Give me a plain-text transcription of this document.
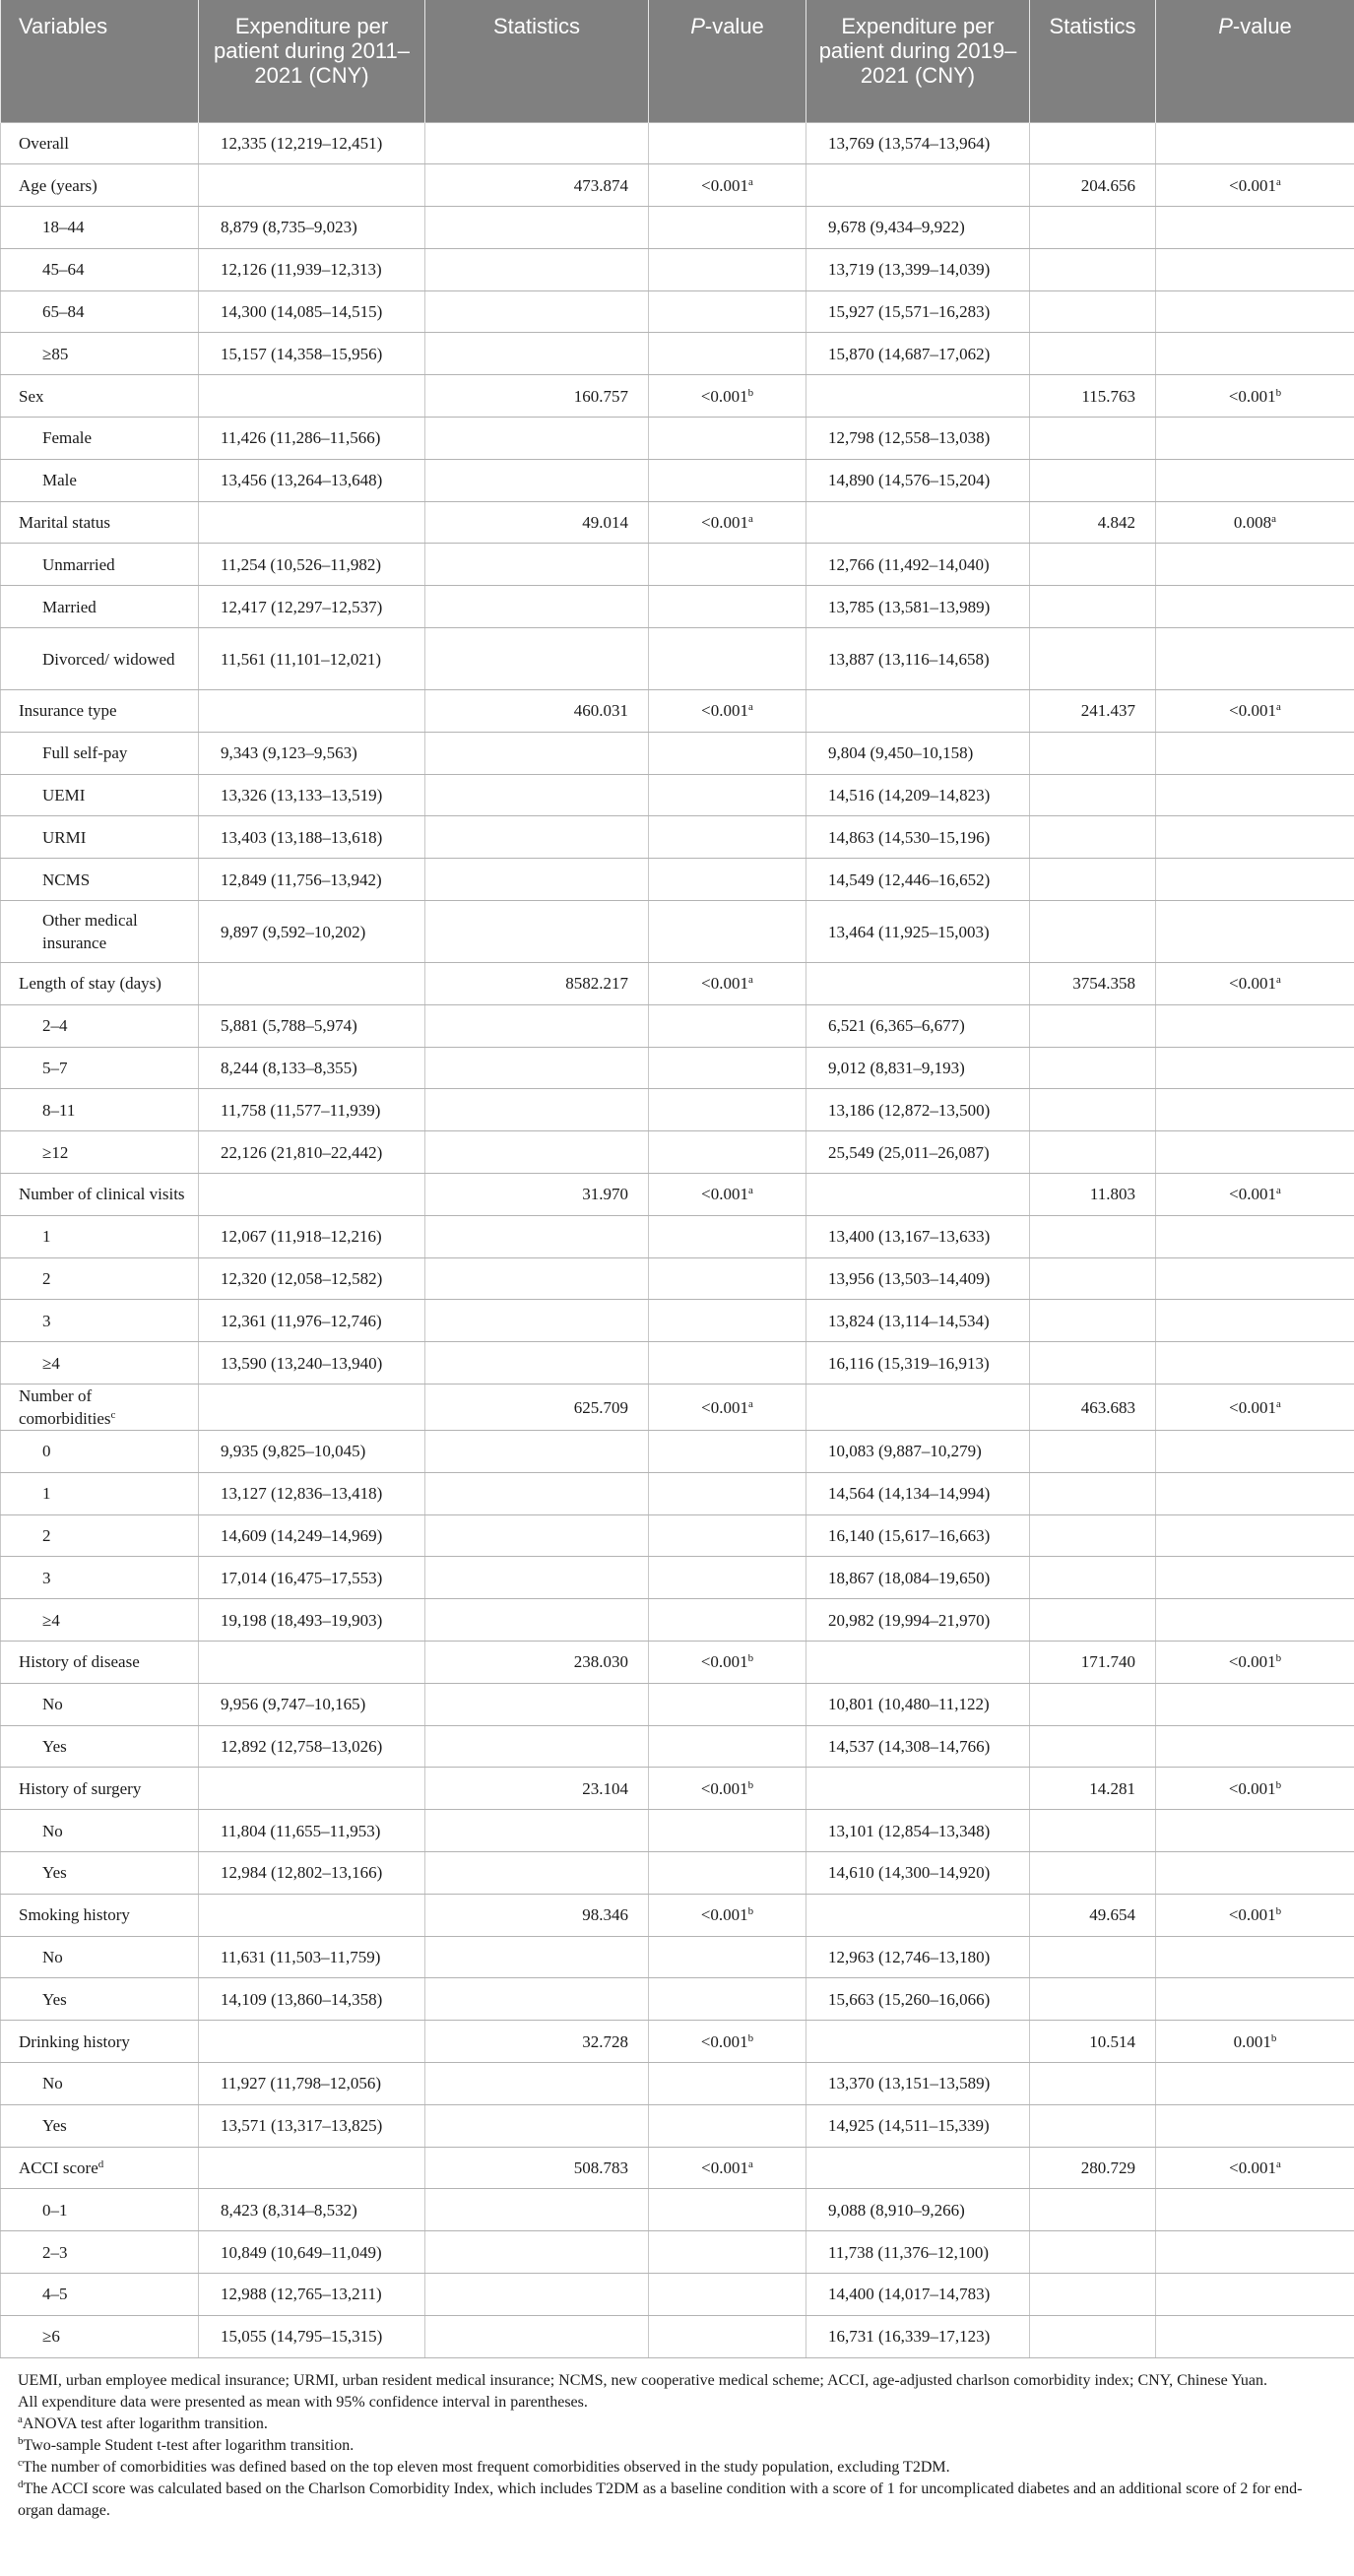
Variables	Expenditure per patient during 2011–2021 (CNY)	Statistics	P-value	Expenditure per patient during 2019–2021 (CNY)	Statistics	P-value
Overall	12,335 (12,219–12,451)			13,769 (13,574–13,964)		
Age (years)		473.874	<0.001$^a$		204.656	<0.001$^a$
18–44	8,879 (8,735–9,023)			9,678 (9,434–9,922)		
45–64	12,126 (11,939–12,313)			13,719 (13,399–14,039)		
65–84	14,300 (14,085–14,515)			15,927 (15,571–16,283)		
≥85	15,157 (14,358–15,956)			15,870 (14,687–17,062)		
Sex		160.757	<0.001$^b$		115.763	<0.001$^b$
Female	11,426 (11,286–11,566)			12,798 (12,558–13,038)		
Male	13,456 (13,264–13,648)			14,890 (14,576–15,204)		
Marital status		49.014	<0.001$^a$		4.842	0.008$^a$
Unmarried	11,254 (10,526–11,982)			12,766 (11,492–14,040)		
Married	12,417 (12,297–12,537)			13,785 (13,581–13,989)		
Divorced/ widowed	11,561 (11,101–12,021)			13,887 (13,116–14,658)		
Insurance type		460.031	<0.001$^a$		241.437	<0.001$^a$
Full self-pay	9,343 (9,123–9,563)			9,804 (9,450–10,158)		
UEMI	13,326 (13,133–13,519)			14,516 (14,209–14,823)		
URMI	13,403 (13,188–13,618)			14,863 (14,530–15,196)		
NCMS	12,849 (11,756–13,942)			14,549 (12,446–16,652)		
Other medical insurance	9,897 (9,592–10,202)			13,464 (11,925–15,003)		
Length of stay (days)		8582.217	<0.001$^a$		3754.358	<0.001$^a$
2–4	5,881 (5,788–5,974)			6,521 (6,365–6,677)		
5–7	8,244 (8,133–8,355)			9,012 (8,831–9,193)		
8–11	11,758 (11,577–11,939)			13,186 (12,872–13,500)		
≥12	22,126 (21,810–22,442)			25,549 (25,011–26,087)		
Number of clinical visits		31.970	<0.001$^a$		11.803	<0.001$^a$
1	12,067 (11,918–12,216)			13,400 (13,167–13,633)		
2	12,320 (12,058–12,582)			13,956 (13,503–14,409)		
3	12,361 (11,976–12,746)			13,824 (13,114–14,534)		
≥4	13,590 (13,240–13,940)			16,116 (15,319–16,913)		
Number of comorbidities$^c$		625.709	<0.001$^a$		463.683	<0.001$^a$
0	9,935 (9,825–10,045)			10,083 (9,887–10,279)		
1	13,127 (12,836–13,418)			14,564 (14,134–14,994)		
2	14,609 (14,249–14,969)			16,140 (15,617–16,663)		
3	17,014 (16,475–17,553)			18,867 (18,084–19,650)		
≥4	19,198 (18,493–19,903)			20,982 (19,994–21,970)		
History of disease		238.030	<0.001$^b$		171.740	<0.001$^b$
No	9,956 (9,747–10,165)			10,801 (10,480–11,122)		
Yes	12,892 (12,758–13,026)			14,537 (14,308–14,766)		
History of surgery		23.104	<0.001$^b$		14.281	<0.001$^b$
No	11,804 (11,655–11,953)			13,101 (12,854–13,348)		
Yes	12,984 (12,802–13,166)			14,610 (14,300–14,920)		
Smoking history		98.346	<0.001$^b$		49.654	<0.001$^b$
No	11,631 (11,503–11,759)			12,963 (12,746–13,180)		
Yes	14,109 (13,860–14,358)			15,663 (15,260–16,066)		
Drinking history		32.728	<0.001$^b$		10.514	0.001$^b$
No	11,927 (11,798–12,056)			13,370 (13,151–13,589)		
Yes	13,571 (13,317–13,825)			14,925 (14,511–15,339)		
ACCI score$^d$		508.783	<0.001$^a$		280.729	<0.001$^a$
0–1	8,423 (8,314–8,532)			9,088 (8,910–9,266)		
2–3	10,849 (10,649–11,049)			11,738 (11,376–12,100)		
4–5	12,988 (12,765–13,211)			14,400 (14,017–14,783)		
≥6	15,055 (14,795–15,315)			16,731 (16,339–17,123)		

UEMI, urban employee medical insurance; URMI, urban resident medical insurance; NCMS, new cooperative medical scheme; ACCI, age-adjusted charlson comorbidity index; CNY, Chinese Yuan.

All expenditure data were presented as mean with 95% confidence interval in parentheses.

$^a$ANOVA test after logarithm transition.

$^b$Two-sample Student t-test after logarithm transition.

$^c$The number of comorbidities was defined based on the top eleven most frequent comorbidities observed in the study population, excluding T2DM.

$^d$The ACCI score was calculated based on the Charlson Comorbidity Index, which includes T2DM as a baseline condition with a score of 1 for uncomplicated diabetes and an additional score of 2 for end-organ damage.
